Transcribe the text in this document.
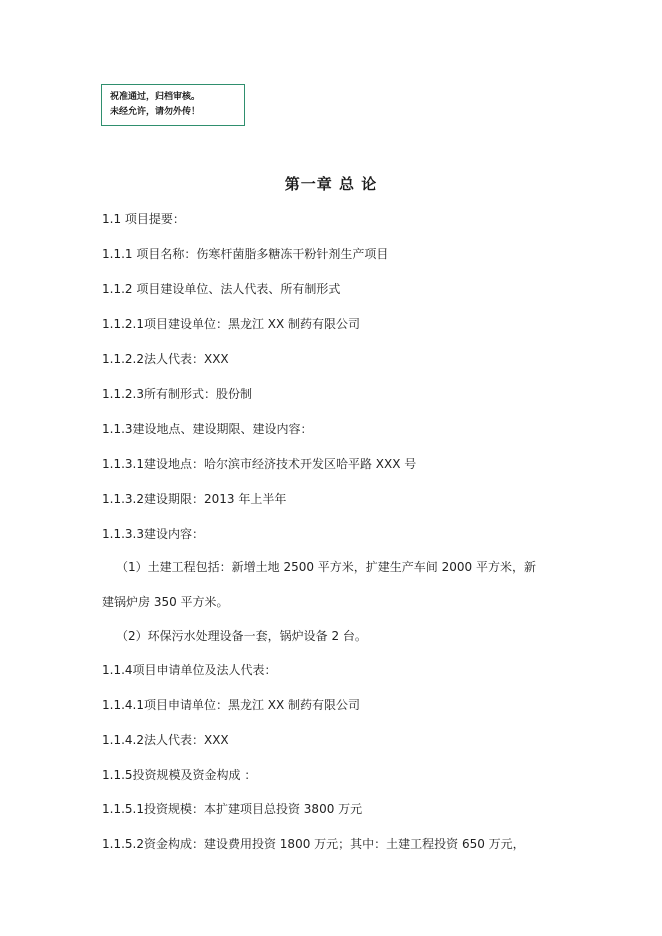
祝准通过，归档审核。
未经允许，请勿外传！
第一章 总 论
1.1 项目提要：
1.1.1 项目名称：伤寒杆菌脂多糖冻干粉针剂生产项目
1.1.2 项目建设单位、法人代表、所有制形式
1.1.2.1项目建设单位：黑龙江 XX 制药有限公司
1.1.2.2法人代表：XXX
1.1.2.3所有制形式：股份制
1.1.3建设地点、建设期限、建设内容：
1.1.3.1建设地点：哈尔滨市经济技术开发区哈平路 XXX 号
1.1.3.2建设期限：2013 年上半年
1.1.3.3建设内容：
（1）土建工程包括：新增土地 2500 平方米，扩建生产车间 2000 平方米，新
建锅炉房 350 平方米。
（2）环保污水处理设备一套，锅炉设备 2 台。
1.1.4项目申请单位及法人代表：
1.1.4.1项目申请单位：黑龙江 XX 制药有限公司
1.1.4.2法人代表：XXX
1.1.5投资规模及资金构成 ：
1.1.5.1投资规模：本扩建项目总投资 3800 万元
1.1.5.2资金构成：建设费用投资 1800 万元；其中：土建工程投资 650 万元，
